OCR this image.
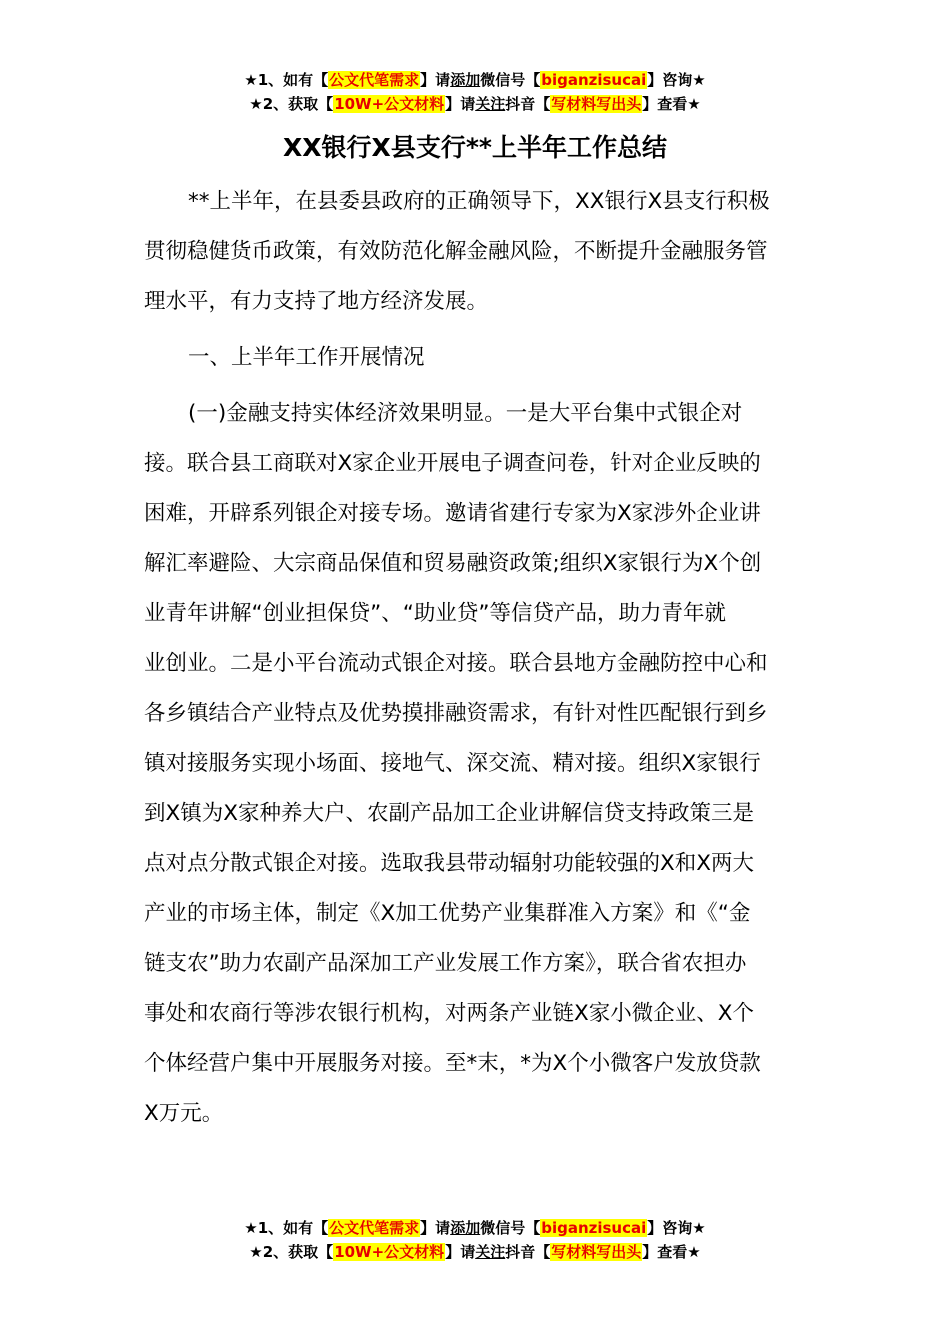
★1、如有【公文代笔需求】请添加微信号【biganzisucai】咨询★
★2、获取【10W+公文材料】请关注抖音【写材料写出头】查看★
XX银行X县支行**上半年工作总结
**上半年，在县委县政府的正确领导下，XX银行X县支行积极
贯彻稳健货币政策，有效防范化解金融风险，不断提升金融服务管
理水平，有力支持了地方经济发展。
一、上半年工作开展情况
(一)金融支持实体经济效果明显。一是大平台集中式银企对
接。联合县工商联对X家企业开展电子调查问卷，针对企业反映的
困难，开辟系列银企对接专场。邀请省建行专家为X家涉外企业讲
解汇率避险、大宗商品保值和贸易融资政策;组织X家银行为X个创
业青年讲解“创业担保贷”、“助业贷”等信贷产品，助力青年就
业创业。二是小平台流动式银企对接。联合县地方金融防控中心和
各乡镇结合产业特点及优势摸排融资需求，有针对性匹配银行到乡
镇对接服务实现小场面、接地气、深交流、精对接。组织X家银行
到X镇为X家种养大户、农副产品加工企业讲解信贷支持政策三是
点对点分散式银企对接。选取我县带动辐射功能较强的X和X两大
产业的市场主体，制定《X加工优势产业集群准入方案》和《“金
链支农”助力农副产品深加工产业发展工作方案》，联合省农担办
事处和农商行等涉农银行机构，对两条产业链X家小微企业、X个
个体经营户集中开展服务对接。至*末，*为X个小微客户发放贷款
X万元。
★1、如有【公文代笔需求】请添加微信号【biganzisucai】咨询★
★2、获取【10W+公文材料】请关注抖音【写材料写出头】查看★
